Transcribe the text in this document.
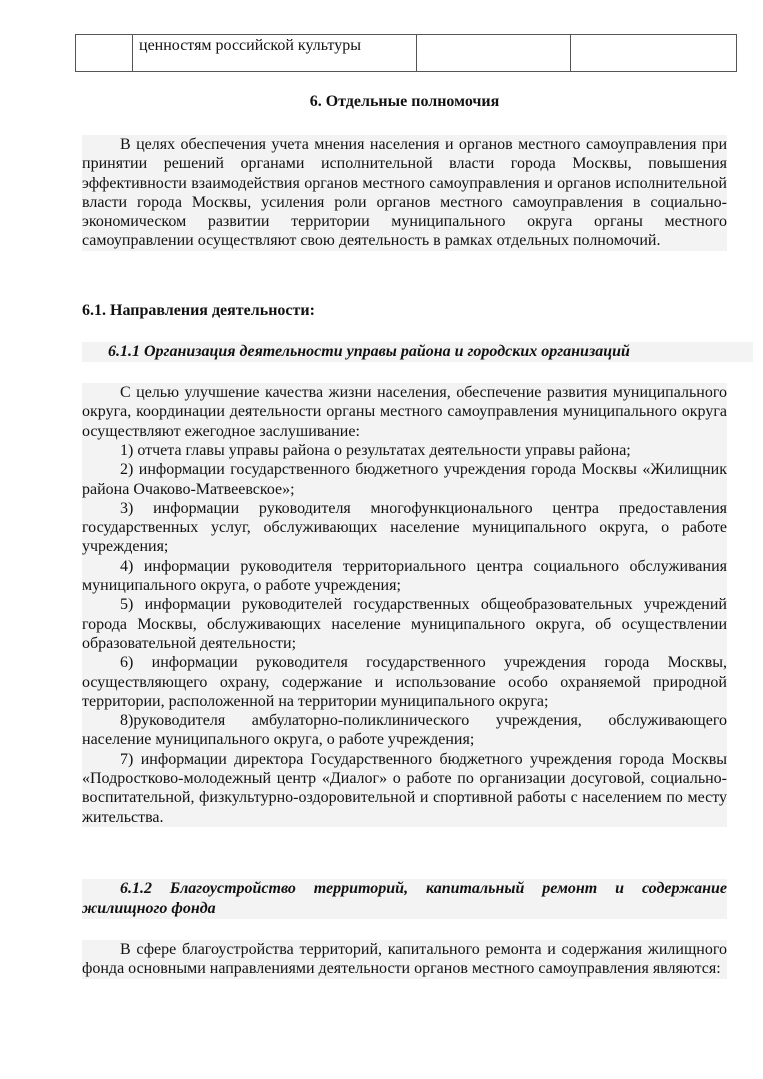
	ценностям российской культуры		
6. Отдельные полномочия
В целях обеспечения учета мнения населения и органов местного самоуправления при принятии решений органами исполнительной власти города Москвы, повышения эффективности взаимодействия органов местного самоуправления и органов исполнительной власти города Москвы, усиления роли органов местного самоуправления в социально-экономическом развитии территории муниципального округа органы местного самоуправлении осуществляют свою деятельность в рамках отдельных полномочий.
6.1. Направления деятельности:
6.1.1 Организация деятельности управы района и городских организаций
С целью улучшение качества жизни населения, обеспечение развития муниципального округа, координации деятельности органы местного самоуправления муниципального округа осуществляют ежегодное заслушивание:
1) отчета главы управы района о результатах деятельности управы района;
2) информации государственного бюджетного учреждения города Москвы «Жилищник района Очаково-Матвеевское»;
3) информации руководителя многофункционального центра предоставления государственных услуг, обслуживающих население муниципального округа, о работе учреждения;
4) информации руководителя территориального центра социального обслуживания муниципального округа, о работе учреждения;
5) информации руководителей государственных общеобразовательных учреждений города Москвы, обслуживающих население муниципального округа, об осуществлении образовательной деятельности;
6) информации руководителя государственного учреждения города Москвы, осуществляющего охрану, содержание и использование особо охраняемой природной территории, расположенной на территории муниципального округа;
8)руководителя амбулаторно-поликлинического учреждения, обслуживающего население муниципального округа, о работе учреждения;
7) информации директора Государственного бюджетного учреждения города Москвы «Подростково-молодежный центр «Диалог» о работе по организации досуговой, социально-воспитательной, физкультурно-оздоровительной и спортивной работы с населением по месту жительства.
6.1.2 Благоустройство территорий, капитальный ремонт и содержание жилищного фонда
В сфере благоустройства территорий, капитального ремонта и содержания жилищного фонда основными направлениями деятельности органов местного самоуправления являются:
